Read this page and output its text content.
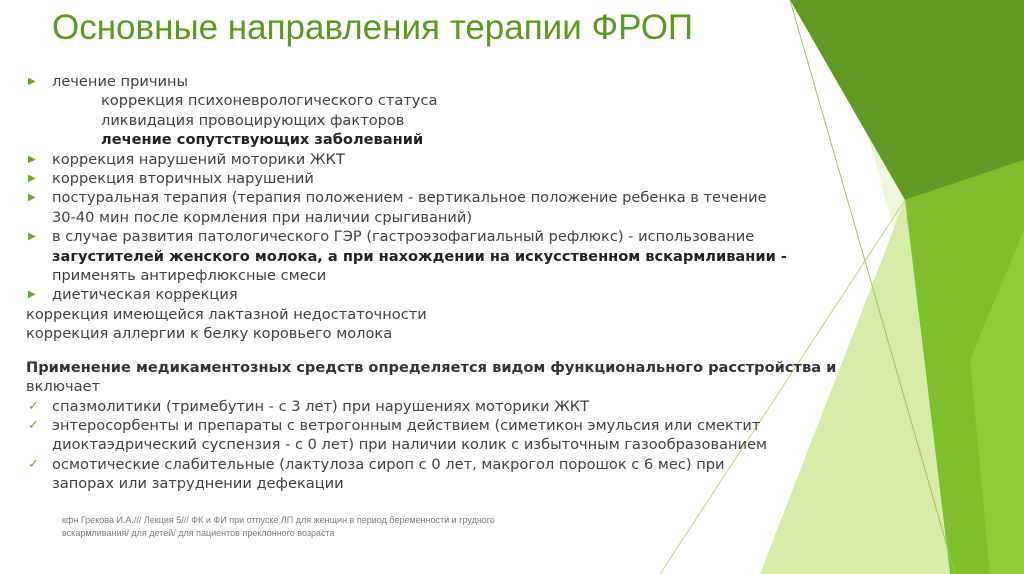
Основные направления терапии ФРОП
▶ лечение причины
коррекция психоневрологического статуса
ликвидация провоцирующих факторов
лечение сопутствующих заболеваний
▶ коррекция нарушений моторики ЖКТ
▶ коррекция вторичных нарушений
▶ постуральная терапия (терапия положением - вертикальное положение ребенка в течение
30-40 мин после кормления при наличии срыгиваний)
▶ в случае развития патологического ГЭР (гастроэзофагиальный рефлюкс) - использование
загустителей женского молока, а при нахождении на искусственном вскармливании -
применять антирефлюксные смеси
▶ диетическая коррекция
коррекция имеющейся лактазной недостаточности
коррекция аллергии к белку коровьего молока
Применение медикаментозных средств определяется видом функционального расстройства и
включает
✓ спазмолитики (тримебутин - с 3 лет) при нарушениях моторики ЖКТ
✓ энтеросорбенты и препараты с ветрогонным действием (симетикон эмульсия или смектит
диоктаэдрический суспензия - с 0 лет) при наличии колик с избыточным газообразованием
✓ осмотические слабительные (лактулоза сироп с 0 лет, макрогол порошок с 6 мес) при
запорах или затруднении дефекации
кфн Грекова И.А./// Лекция 5/// ФК и ФИ при отпуске ЛП для женщин в период беременности и грудного
вскармливания/ для детей/ для пациентов преклонного возраста
